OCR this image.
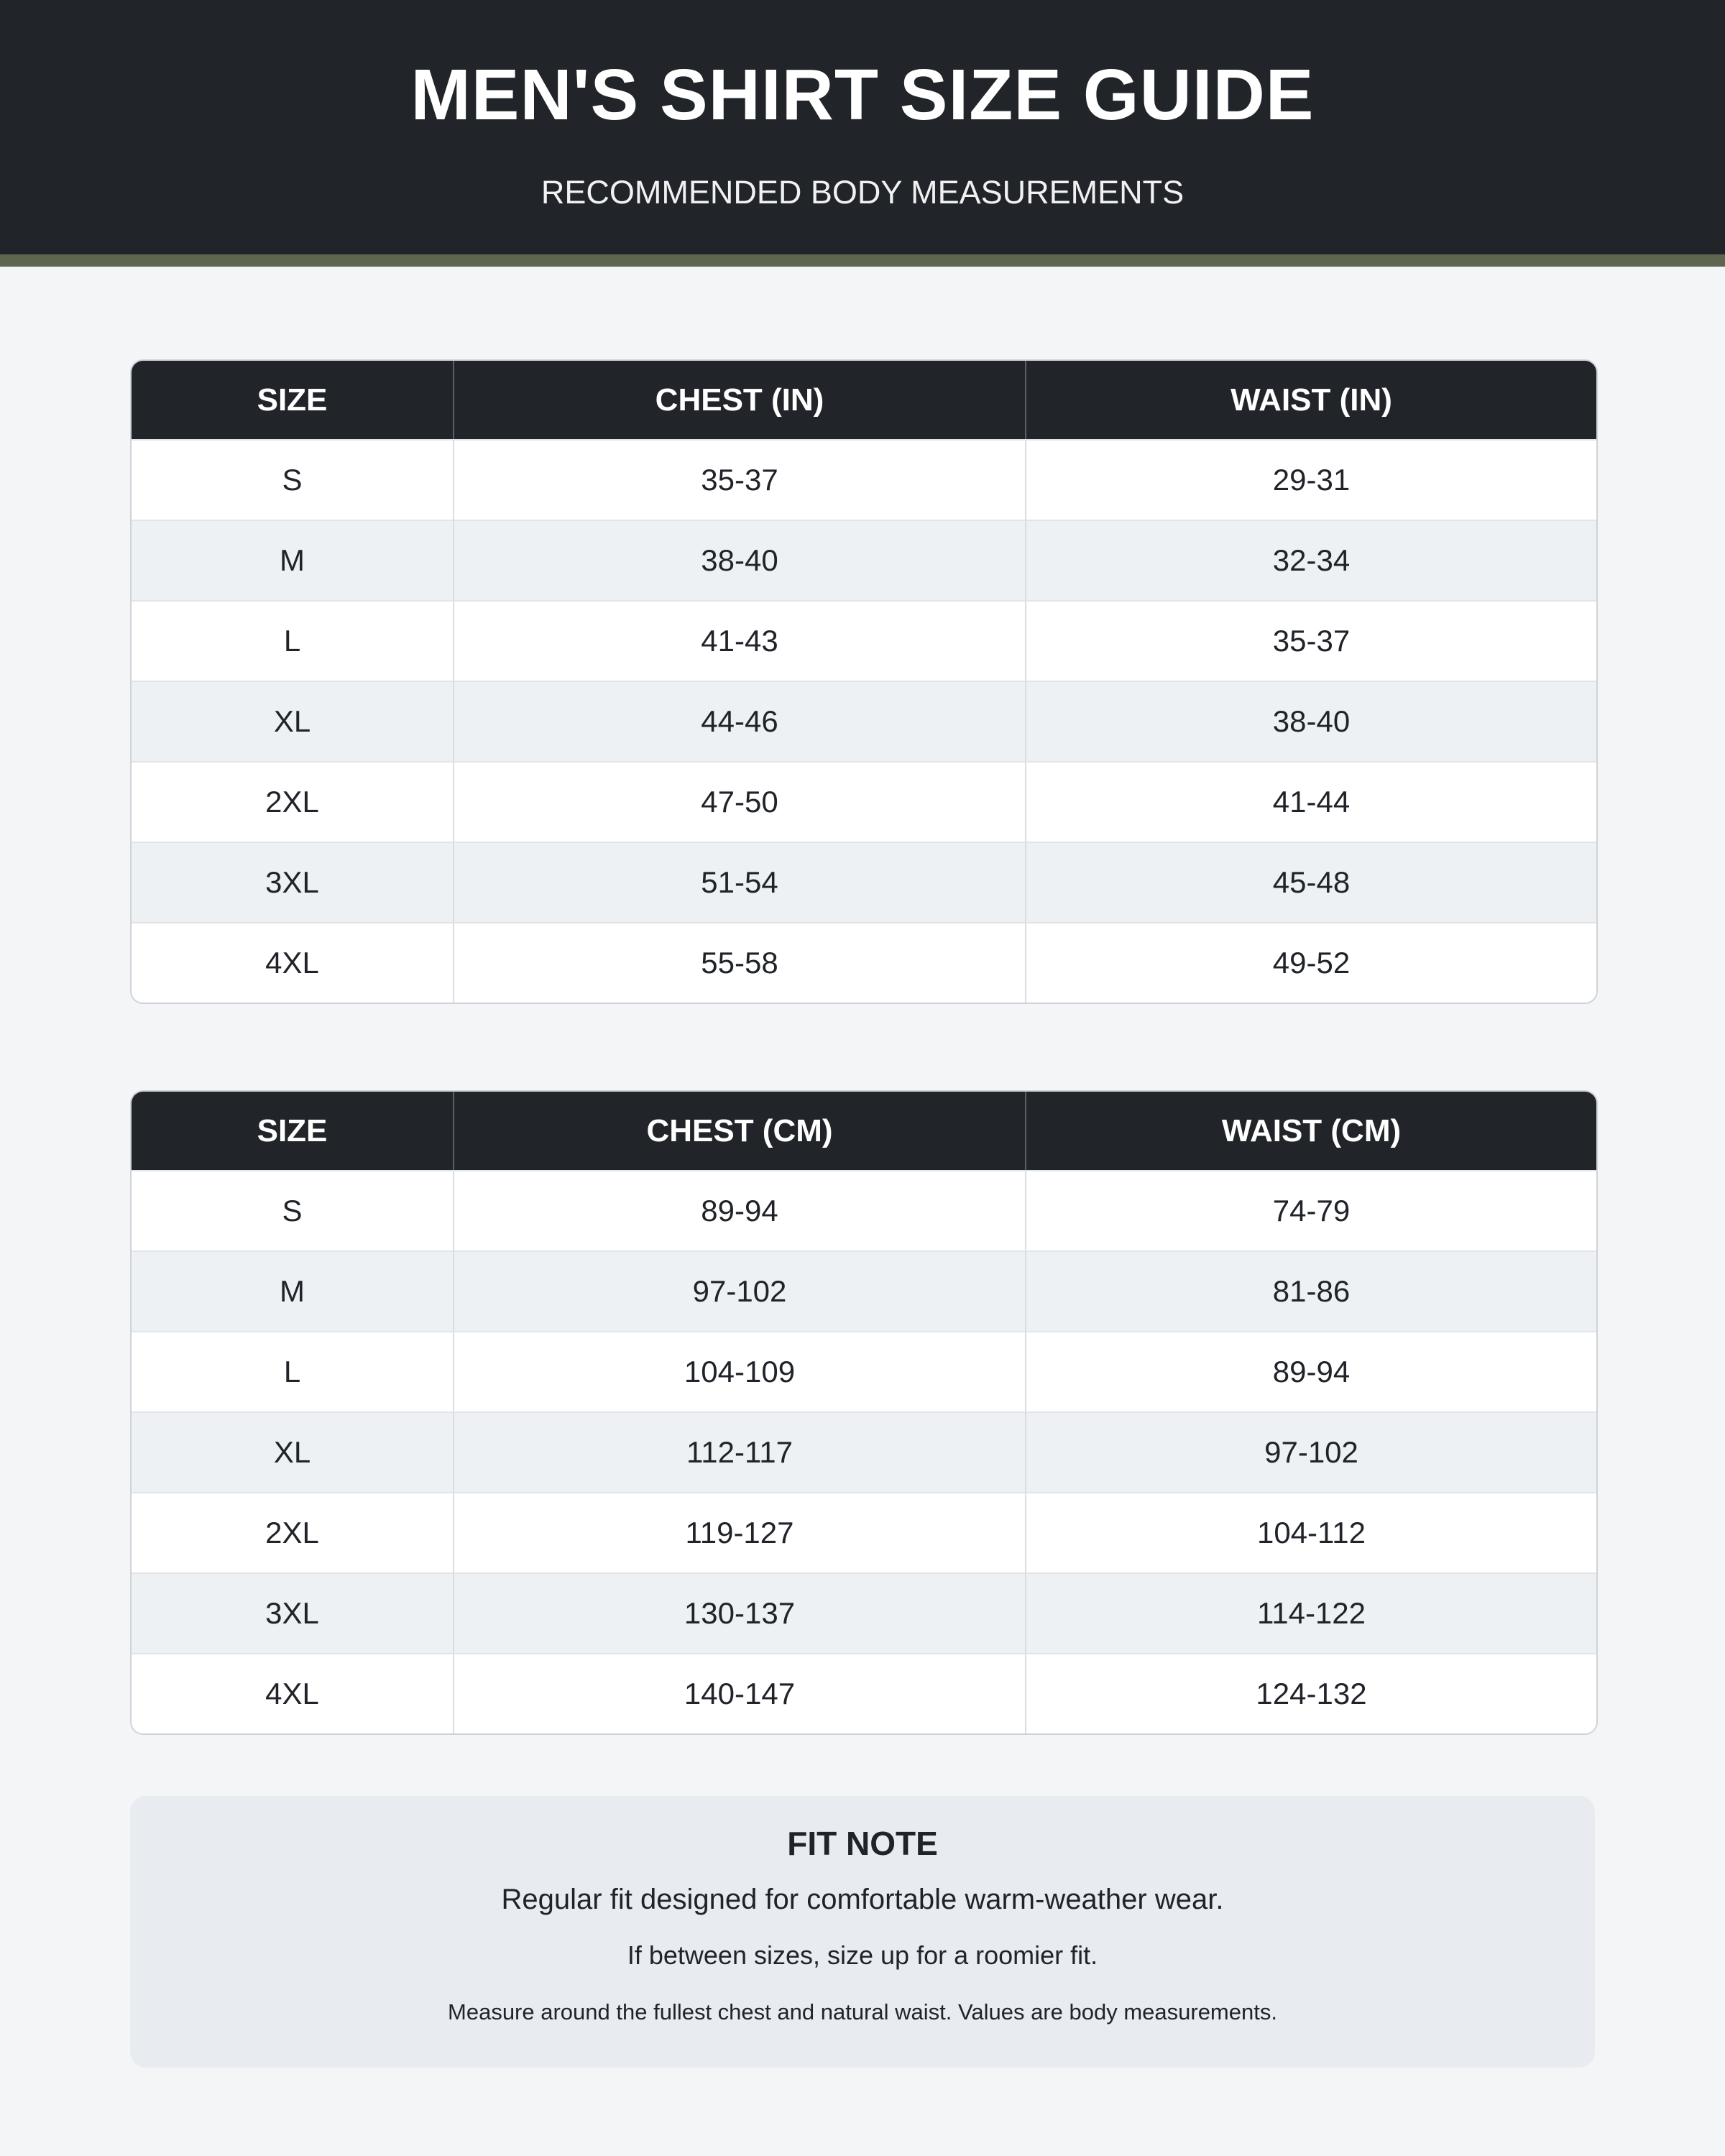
MEN'S SHIRT SIZE GUIDE
RECOMMENDED BODY MEASUREMENTS
SIZE	CHEST (IN)	WAIST (IN)
S	35-37	29-31
M	38-40	32-34
L	41-43	35-37
XL	44-46	38-40
2XL	47-50	41-44
3XL	51-54	45-48
4XL	55-58	49-52
SIZE	CHEST (CM)	WAIST (CM)
S	89-94	74-79
M	97-102	81-86
L	104-109	89-94
XL	112-117	97-102
2XL	119-127	104-112
3XL	130-137	114-122
4XL	140-147	124-132
FIT NOTE
Regular fit designed for comfortable warm-weather wear.
If between sizes, size up for a roomier fit.
Measure around the fullest chest and natural waist. Values are body measurements.
